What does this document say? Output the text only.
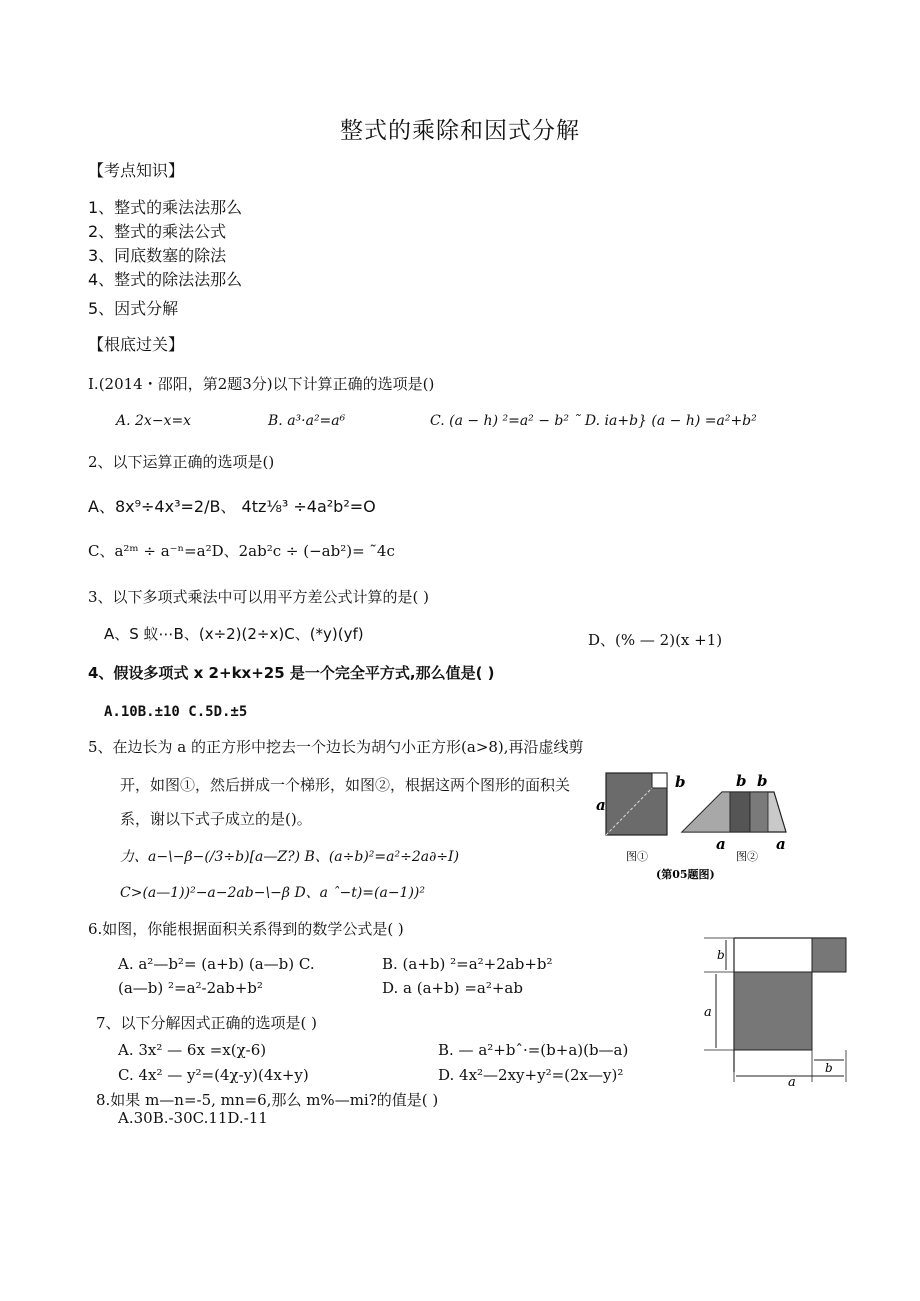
整式的乘除和因式分解
【考点知识】
1、整式的乘法法那么
2、整式的乘法公式
3、同底数塞的除法
4、整式的除法法那么
5、因式分解
【根底过关】
I.(2014・邵阳，第2题3分)以下计算正确的选项是()
A. 2x−x=x	B. a³·a²=a⁶	C. (a − h) ²=a² − b² ˜ D. ia+b} (a − h) =a²+b²
2、以下运算正确的选项是()
A、8x⁹÷4x³=2/B、 4tz⅛³ ÷4a²b²=O
C、a²ᵐ ÷ a⁻ⁿ=a²D、2ab²c ÷ (−ab²)= ˜4c
3、以下多项式乘法中可以用平方差公式计算的是( )
A、S 蚁⋯B、(x÷2)(2÷x)C、(*y)(yf)	D、(% — 2)(x +1)
4、假设多项式 x 2+kx+25 是一个完全平方式,那么值是( )
A.10B.±10 C.5D.±5
5、在边长为 a 的正方形中挖去一个边长为胡勺小正方形(a>8),再沿虚线剪
开，如图①，然后拼成一个梯形，如图②，根据这两个图形的面积关
系，谢以下式子成立的是()。
力、a−\−β−(/3÷b)[a—Z?) B、(a÷b)²=a²÷2a∂÷I)
C>(a—1))²−a−2ab−\−β D、a ˆ−t)=(a−1))²
b
a
b b
a	a
图①	图②
(第05题图)
6.如图，你能根据面积关系得到的数学公式是( )
A. a²—b²= (a+b) (a—b) C.	B. (a+b) ²=a²+2ab+b²
(a—b) ²=a²-2ab+b²	D. a (a+b) =a²+ab
b
a
b
a
7、以下分解因式正确的选项是( )
A. 3x² — 6x =x(χ-6)	B. — a²+bˆ·=(b+a)(b—a)
C. 4x² — y²=(4χ-y)(4x+y)	D. 4x²—2xy+y²=(2x—y)²
8.如果 m—n=-5, mn=6,那么 m%—mi?的值是( )
A.30B.-30C.11D.-11
